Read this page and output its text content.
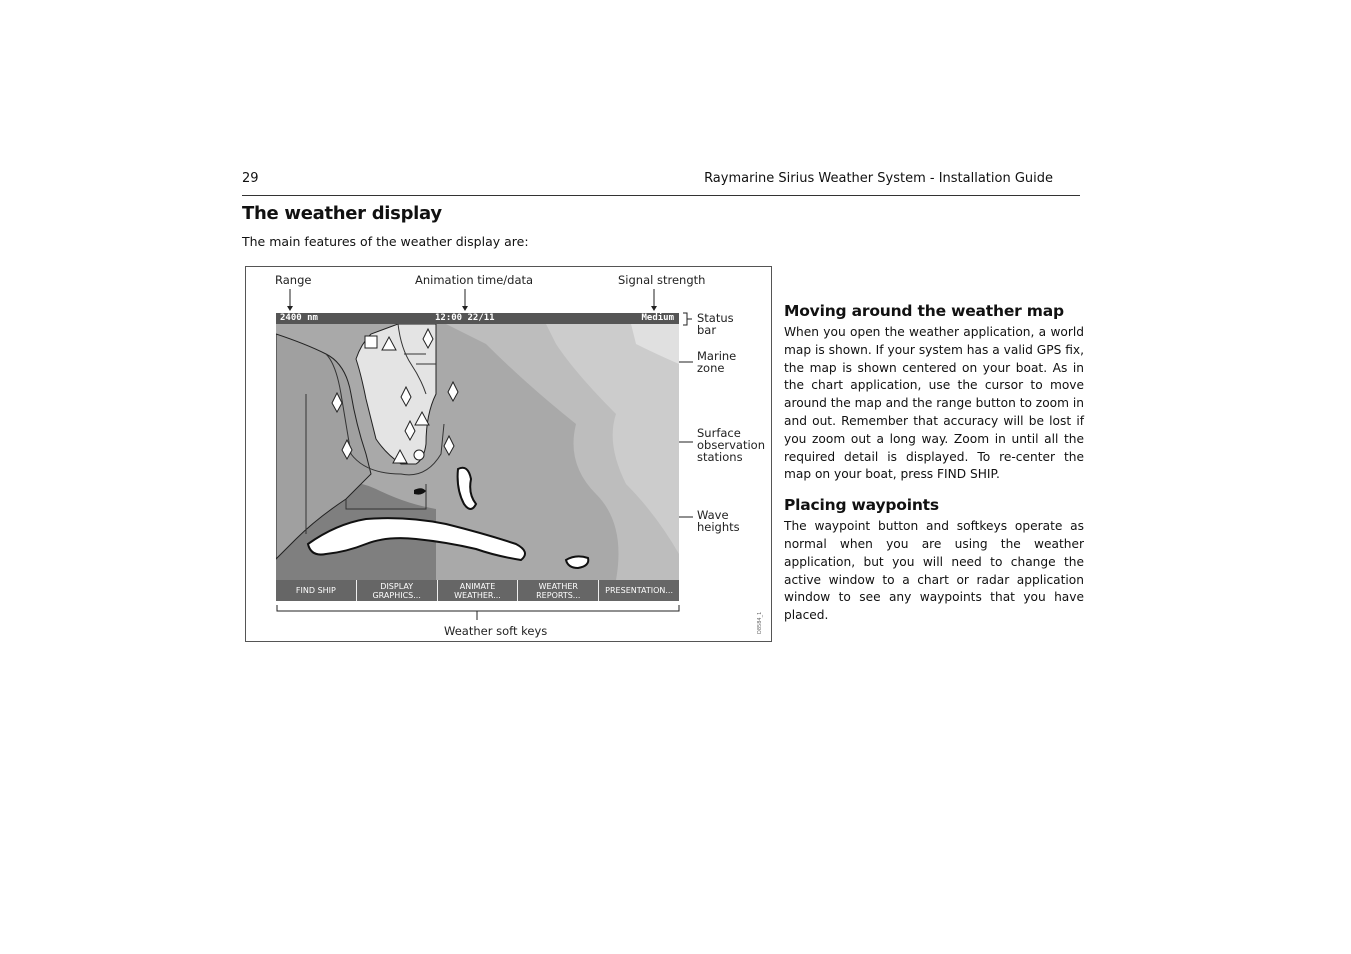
29	Raymarine Sirius Weather System - Installation Guide
The weather display
The main features of the weather display are:
Range	Animation time/data	Signal strength
Status
bar
Marine
zone
Surface
observation
stations
Wave
heights
Weather soft keys	D8584_1
2400 nm	12:00 22/11	Medium
FIND SHIP	DISPLAY
GRAPHICS...
ANIMATE
WEATHER...
WEATHER
REPORTS...	PRESENTATION...
Moving around the weather map

When you open the weather application, a world map is shown. If your system has a valid GPS fix, the map is shown centered on your boat. As in the chart application, use the cursor to move around the map and the range button to zoom in and out. Remember that accuracy will be lost if you zoom out a long way. Zoom in until all the required detail is displayed. To re-center the map on your boat, press FIND SHIP.

Placing waypoints

The waypoint button and softkeys operate as normal when you are using the weather application, but you will need to change the active window to a chart or radar application window to see any waypoints that you have placed.
